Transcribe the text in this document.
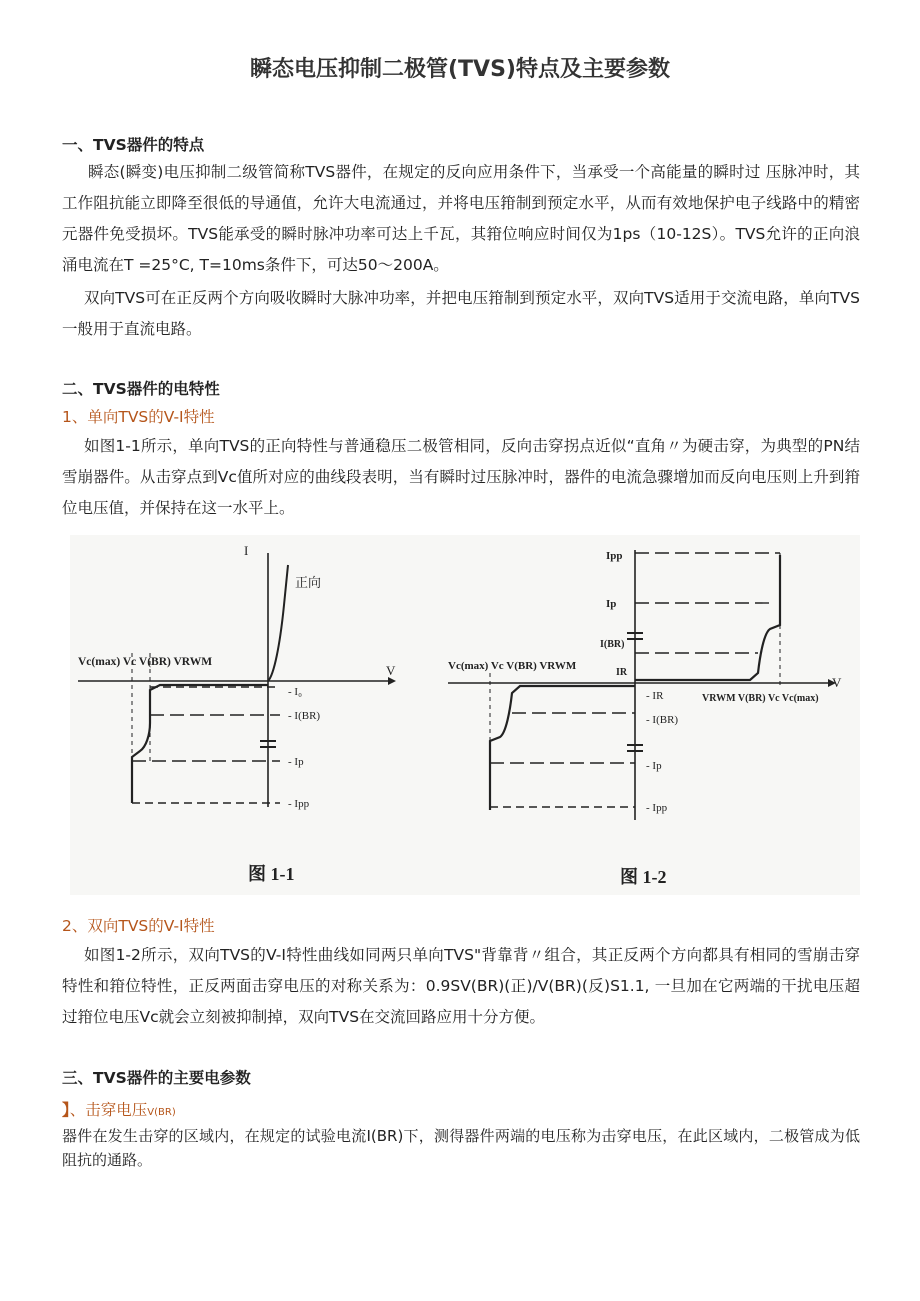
瞬态电压抑制二极管(TVS)特点及主要参数
一、TVS器件的特点
瞬态(瞬变)电压抑制二级管简称TVS器件，在规定的反向应用条件下，当承受一个高能量的瞬时过 压脉冲时，其工作阻抗能立即降至很低的导通值，允许大电流通过，并将电压箝制到预定水平，从而有效地保护电子线路中的精密元器件免受损坏。TVS能承受的瞬时脉冲功率可达上千瓦，其箝位响应时间仅为1ps（10-12S）。TVS允许的正向浪涌电流在T =25°C, T=10ms条件下，可达50～200A。
双向TVS可在正反两个方向吸收瞬时大脉冲功率，并把电压箝制到预定水平，双向TVS适用于交流电路，单向TVS 一般用于直流电路。
二、TVS器件的电特性
1、单向TVS的V-I特性
如图1-1所示，单向TVS的正向特性与普通稳压二极管相同，反向击穿拐点近似“直角〃为硬击穿，为典型的PN结雪崩器件。从击穿点到Vc值所对应的曲线段表明，当有瞬时过压脉冲时，器件的电流急骤增加而反向电压则上升到箝位电压值，并保持在这一水平上。
I
V
正向
Vc(max) Vc V(BR) VRWM
- I₀
- I(BR)
- Ip
- Ipp
图 1-1
V
Ipp
Ip
I(BR)
IR
Vc(max) Vc V(BR) VRWM
VRWM V(BR) Vc Vc(max)
- IR
- I(BR)
- Ip
- Ipp
图 1-2
2、双向TVS的V-I特性
如图1-2所示，双向TVS的V-I特性曲线如同两只单向TVS"背靠背〃组合，其正反两个方向都具有相同的雪崩击穿特性和箝位特性，正反两面击穿电压的对称关系为：0.9SV(BR)(正)/V(BR)(反)S1.1, 一旦加在它两端的干扰电压超过箝位电压Vc就会立刻被抑制掉，双向TVS在交流回路应用十分方便。
三、TVS器件的主要电参数
】、击穿电压V(BR)
器件在发生击穿的区域内，在规定的试验电流I(BR)下，测得器件两端的电压称为击穿电压，在此区域内，二极管成为低阻抗的通路。
